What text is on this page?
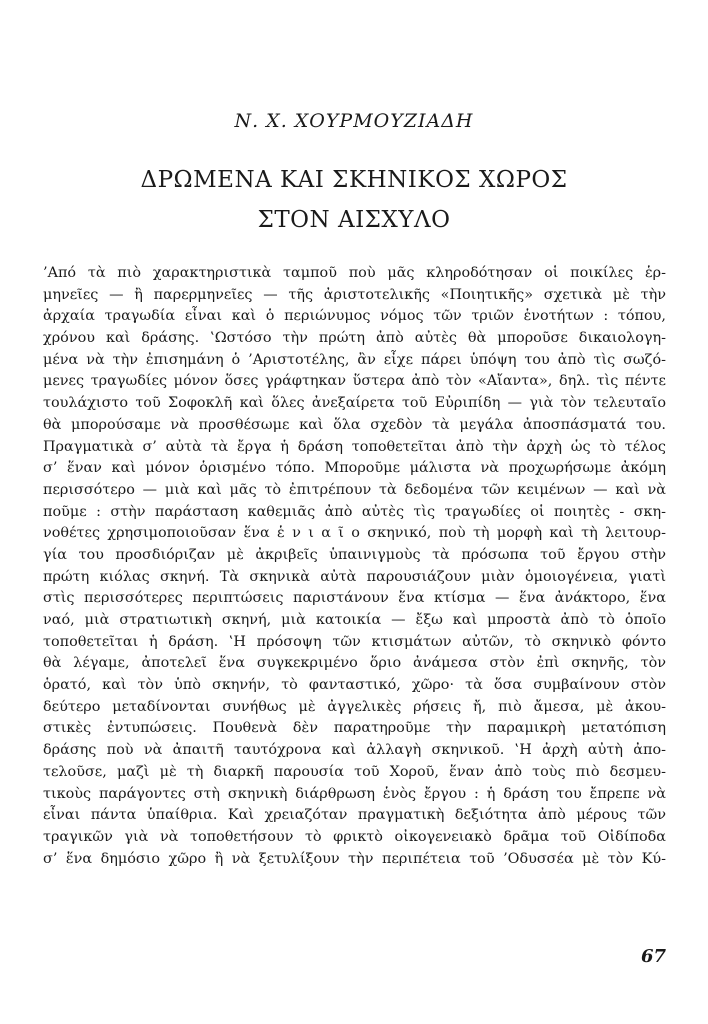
Ν. Χ. ΧΟΥΡΜΟΥΖΙΑΔΗ
ΔΡΩΜΕΝΑ ΚΑΙ ΣΚΗΝΙΚΟΣ ΧΩΡΟΣ
ΣΤΟΝ ΑΙΣΧΥΛΟ
’Από τὰ πιὸ χαρακτηριστικὰ ταμποῦ ποὺ μᾶς κληροδότησαν οἱ ποικίλες ἑρ-
μηνεῖες — ἢ παρερμηνεῖες — τῆς ἀριστοτελικῆς «Ποιητικῆς» σχετικὰ μὲ τὴν
ἀρχαία τραγωδία εἶναι καὶ ὁ περιώνυμος νόμος τῶν τριῶν ἑνοτήτων : τόπου,
χρόνου καὶ δράσης. ‛Ωστόσο τὴν πρώτη ἀπὸ αὐτὲς θὰ μποροῦσε δικαιολογη-
μένα νὰ τὴν ἐπισημάνη ὁ ’Αριστοτέλης, ἂν εἶχε πάρει ὑπόψη του ἀπὸ τὶς σωζό-
μενες τραγωδίες μόνον ὅσες γράφτηκαν ὕστερα ἀπὸ τὸν «Αἴαντα», δηλ. τὶς πέντε
τουλάχιστο τοῦ Σοφοκλῆ καὶ ὅλες ἀνεξαίρετα τοῦ Εὐριπίδη — γιὰ τὸν τελευταῖο
θὰ μπορούσαμε νὰ προσθέσωμε καὶ ὅλα σχεδὸν τὰ μεγάλα ἀποσπάσματά του.
Πραγματικὰ σ’ αὐτὰ τὰ ἔργα ἡ δράση τοποθετεῖται ἀπὸ τὴν ἀρχὴ ὡς τὸ τέλος
σ’ ἕναν καὶ μόνον ὁρισμένο τόπο. Μποροῦμε μάλιστα νὰ προχωρήσωμε ἀκόμη
περισσότερο — μιὰ καὶ μᾶς τὸ ἐπιτρέπουν τὰ δεδομένα τῶν κειμένων — καὶ νὰ
ποῦμε : στὴν παράσταση καθεμιᾶς ἀπὸ αὐτὲς τὶς τραγωδίες οἱ ποιητὲς - σκη-
νοθέτες χρησιμοποιοῦσαν ἕνα ἑ ν ι α ῖ ο σκηνικό, ποὺ τὴ μορφὴ καὶ τὴ λειτουρ-
γία του προσδιόριζαν μὲ ἀκριβεῖς ὑπαινιγμοὺς τὰ πρόσωπα τοῦ ἔργου στὴν
πρώτη κιόλας σκηνή. Τὰ σκηνικὰ αὐτὰ παρουσιάζουν μιὰν ὁμοιογένεια, γιατὶ
στὶς περισσότερες περιπτώσεις παριστάνουν ἕνα κτίσμα — ἕνα ἀνάκτορο, ἕνα
ναό, μιὰ στρατιωτικὴ σκηνή, μιὰ κατοικία — ἔξω καὶ μπροστὰ ἀπὸ τὸ ὁποῖο
τοποθετεῖται ἡ δράση. ‛Η πρόσοψη τῶν κτισμάτων αὐτῶν, τὸ σκηνικὸ φόντο
θὰ λέγαμε, ἀποτελεῖ ἕνα συγκεκριμένο ὅριο ἀνάμεσα στὸν ἐπὶ σκηνῆς, τὸν
ὁρατό, καὶ τὸν ὑπὸ σκηνήν, τὸ φανταστικό, χῶρο· τὰ ὅσα συμβαίνουν στὸν
δεύτερο μεταδίνονται συνήθως μὲ ἀγγελικὲς ρήσεις ἤ, πιὸ ἄμεσα, μὲ ἀκου-
στικὲς ἐντυπώσεις. Πουθενὰ δὲν παρατηροῦμε τὴν παραμικρὴ μετατόπιση
δράσης ποὺ νὰ ἀπαιτῆ ταυτόχρονα καὶ ἀλλαγὴ σκηνικοῦ. ‛Η ἀρχὴ αὐτὴ ἀπο-
τελοῦσε, μαζὶ μὲ τὴ διαρκῆ παρουσία τοῦ Χοροῦ, ἕναν ἀπὸ τοὺς πιὸ δεσμευ-
τικοὺς παράγοντες στὴ σκηνικὴ διάρθρωση ἑνὸς ἔργου : ἡ δράση του ἔπρεπε νὰ
εἶναι πάντα ὑπαίθρια. Καὶ χρειαζόταν πραγματικὴ δεξιότητα ἀπὸ μέρους τῶν
τραγικῶν γιὰ νὰ τοποθετήσουν τὸ φρικτὸ οἰκογενειακὸ δρᾶμα τοῦ Οἰδίποδα
σ’ ἕνα δημόσιο χῶρο ἢ νὰ ξετυλίξουν τὴν περιπέτεια τοῦ ’Οδυσσέα μὲ τὸν Κύ-
67
